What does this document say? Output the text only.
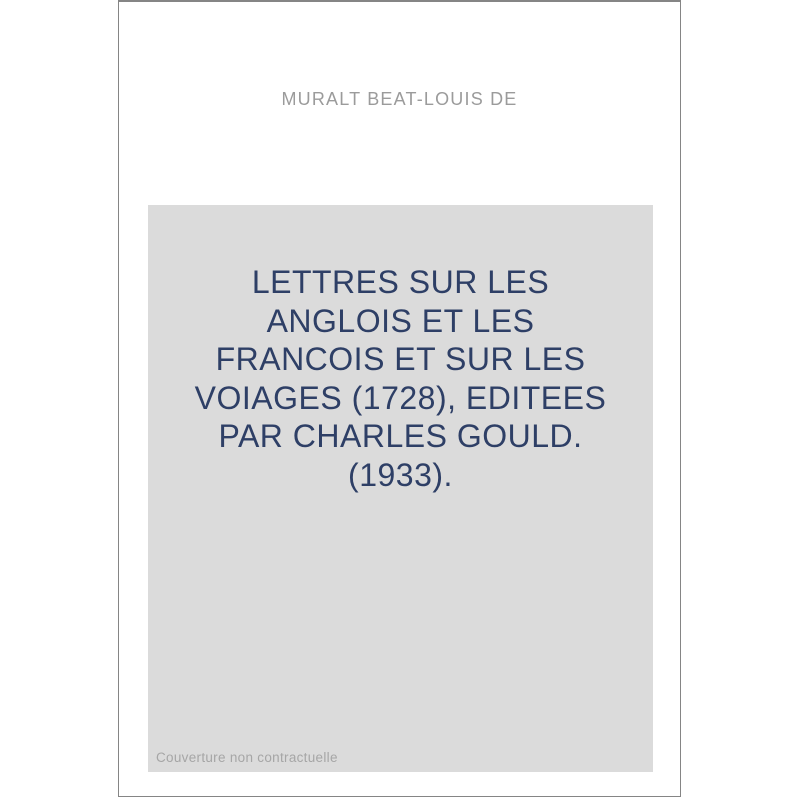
MURALT BEAT-LOUIS DE
LETTRES SUR LES
ANGLOIS ET LES
FRANCOIS ET SUR LES
VOIAGES (1728), EDITEES
PAR CHARLES GOULD.
(1933).
Couverture non contractuelle
